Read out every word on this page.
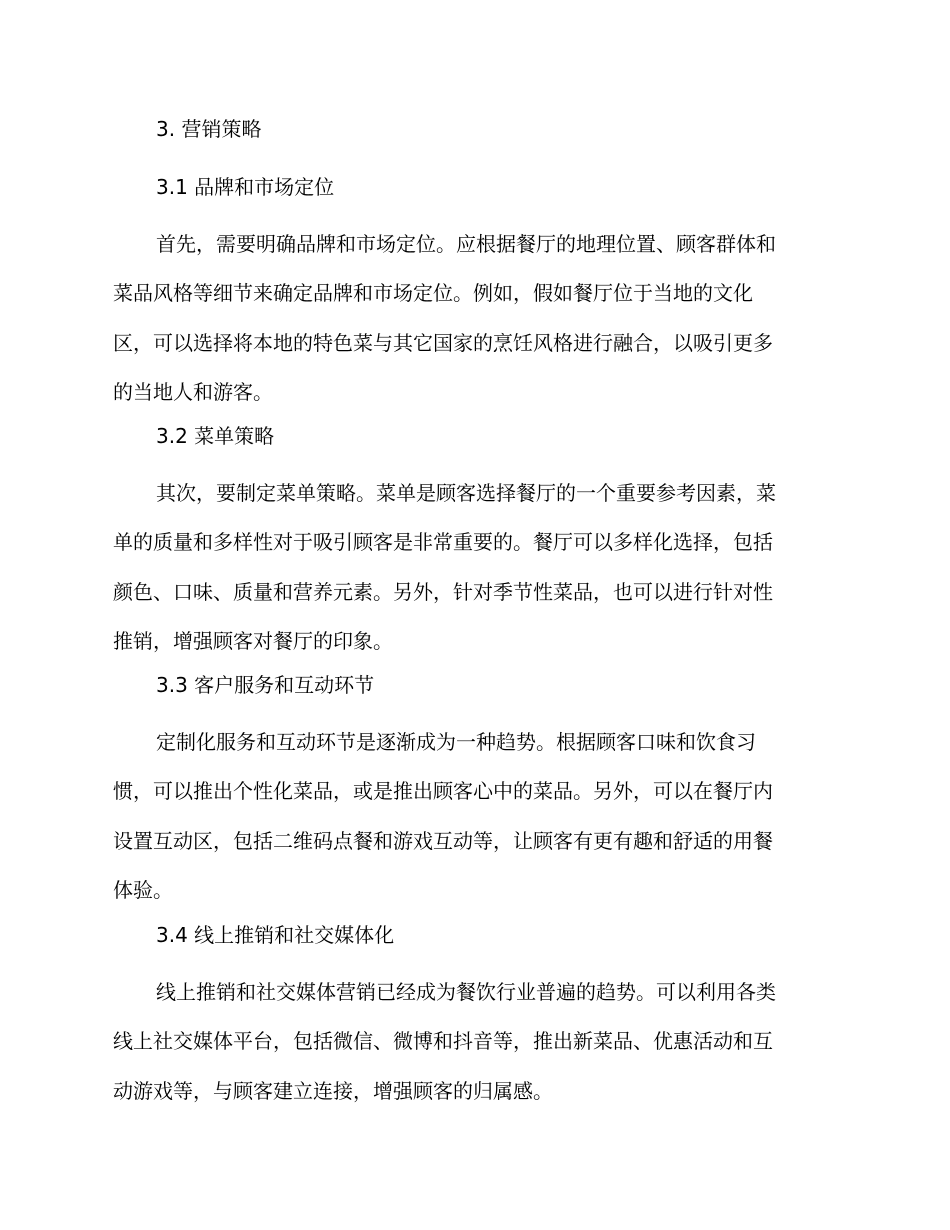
3. 营销策略
3.1 品牌和市场定位
首先，需要明确品牌和市场定位。应根据餐厅的地理位置、顾客群体和
菜品风格等细节来确定品牌和市场定位。例如，假如餐厅位于当地的文化
区，可以选择将本地的特色菜与其它国家的烹饪风格进行融合，以吸引更多
的当地人和游客。
3.2 菜单策略
其次，要制定菜单策略。菜单是顾客选择餐厅的一个重要参考因素，菜
单的质量和多样性对于吸引顾客是非常重要的。餐厅可以多样化选择，包括
颜色、口味、质量和营养元素。另外，针对季节性菜品，也可以进行针对性
推销，增强顾客对餐厅的印象。
3.3 客户服务和互动环节
定制化服务和互动环节是逐渐成为一种趋势。根据顾客口味和饮食习
惯，可以推出个性化菜品，或是推出顾客心中的菜品。另外，可以在餐厅内
设置互动区，包括二维码点餐和游戏互动等，让顾客有更有趣和舒适的用餐
体验。
3.4 线上推销和社交媒体化
线上推销和社交媒体营销已经成为餐饮行业普遍的趋势。可以利用各类
线上社交媒体平台，包括微信、微博和抖音等，推出新菜品、优惠活动和互
动游戏等，与顾客建立连接，增强顾客的归属感。
